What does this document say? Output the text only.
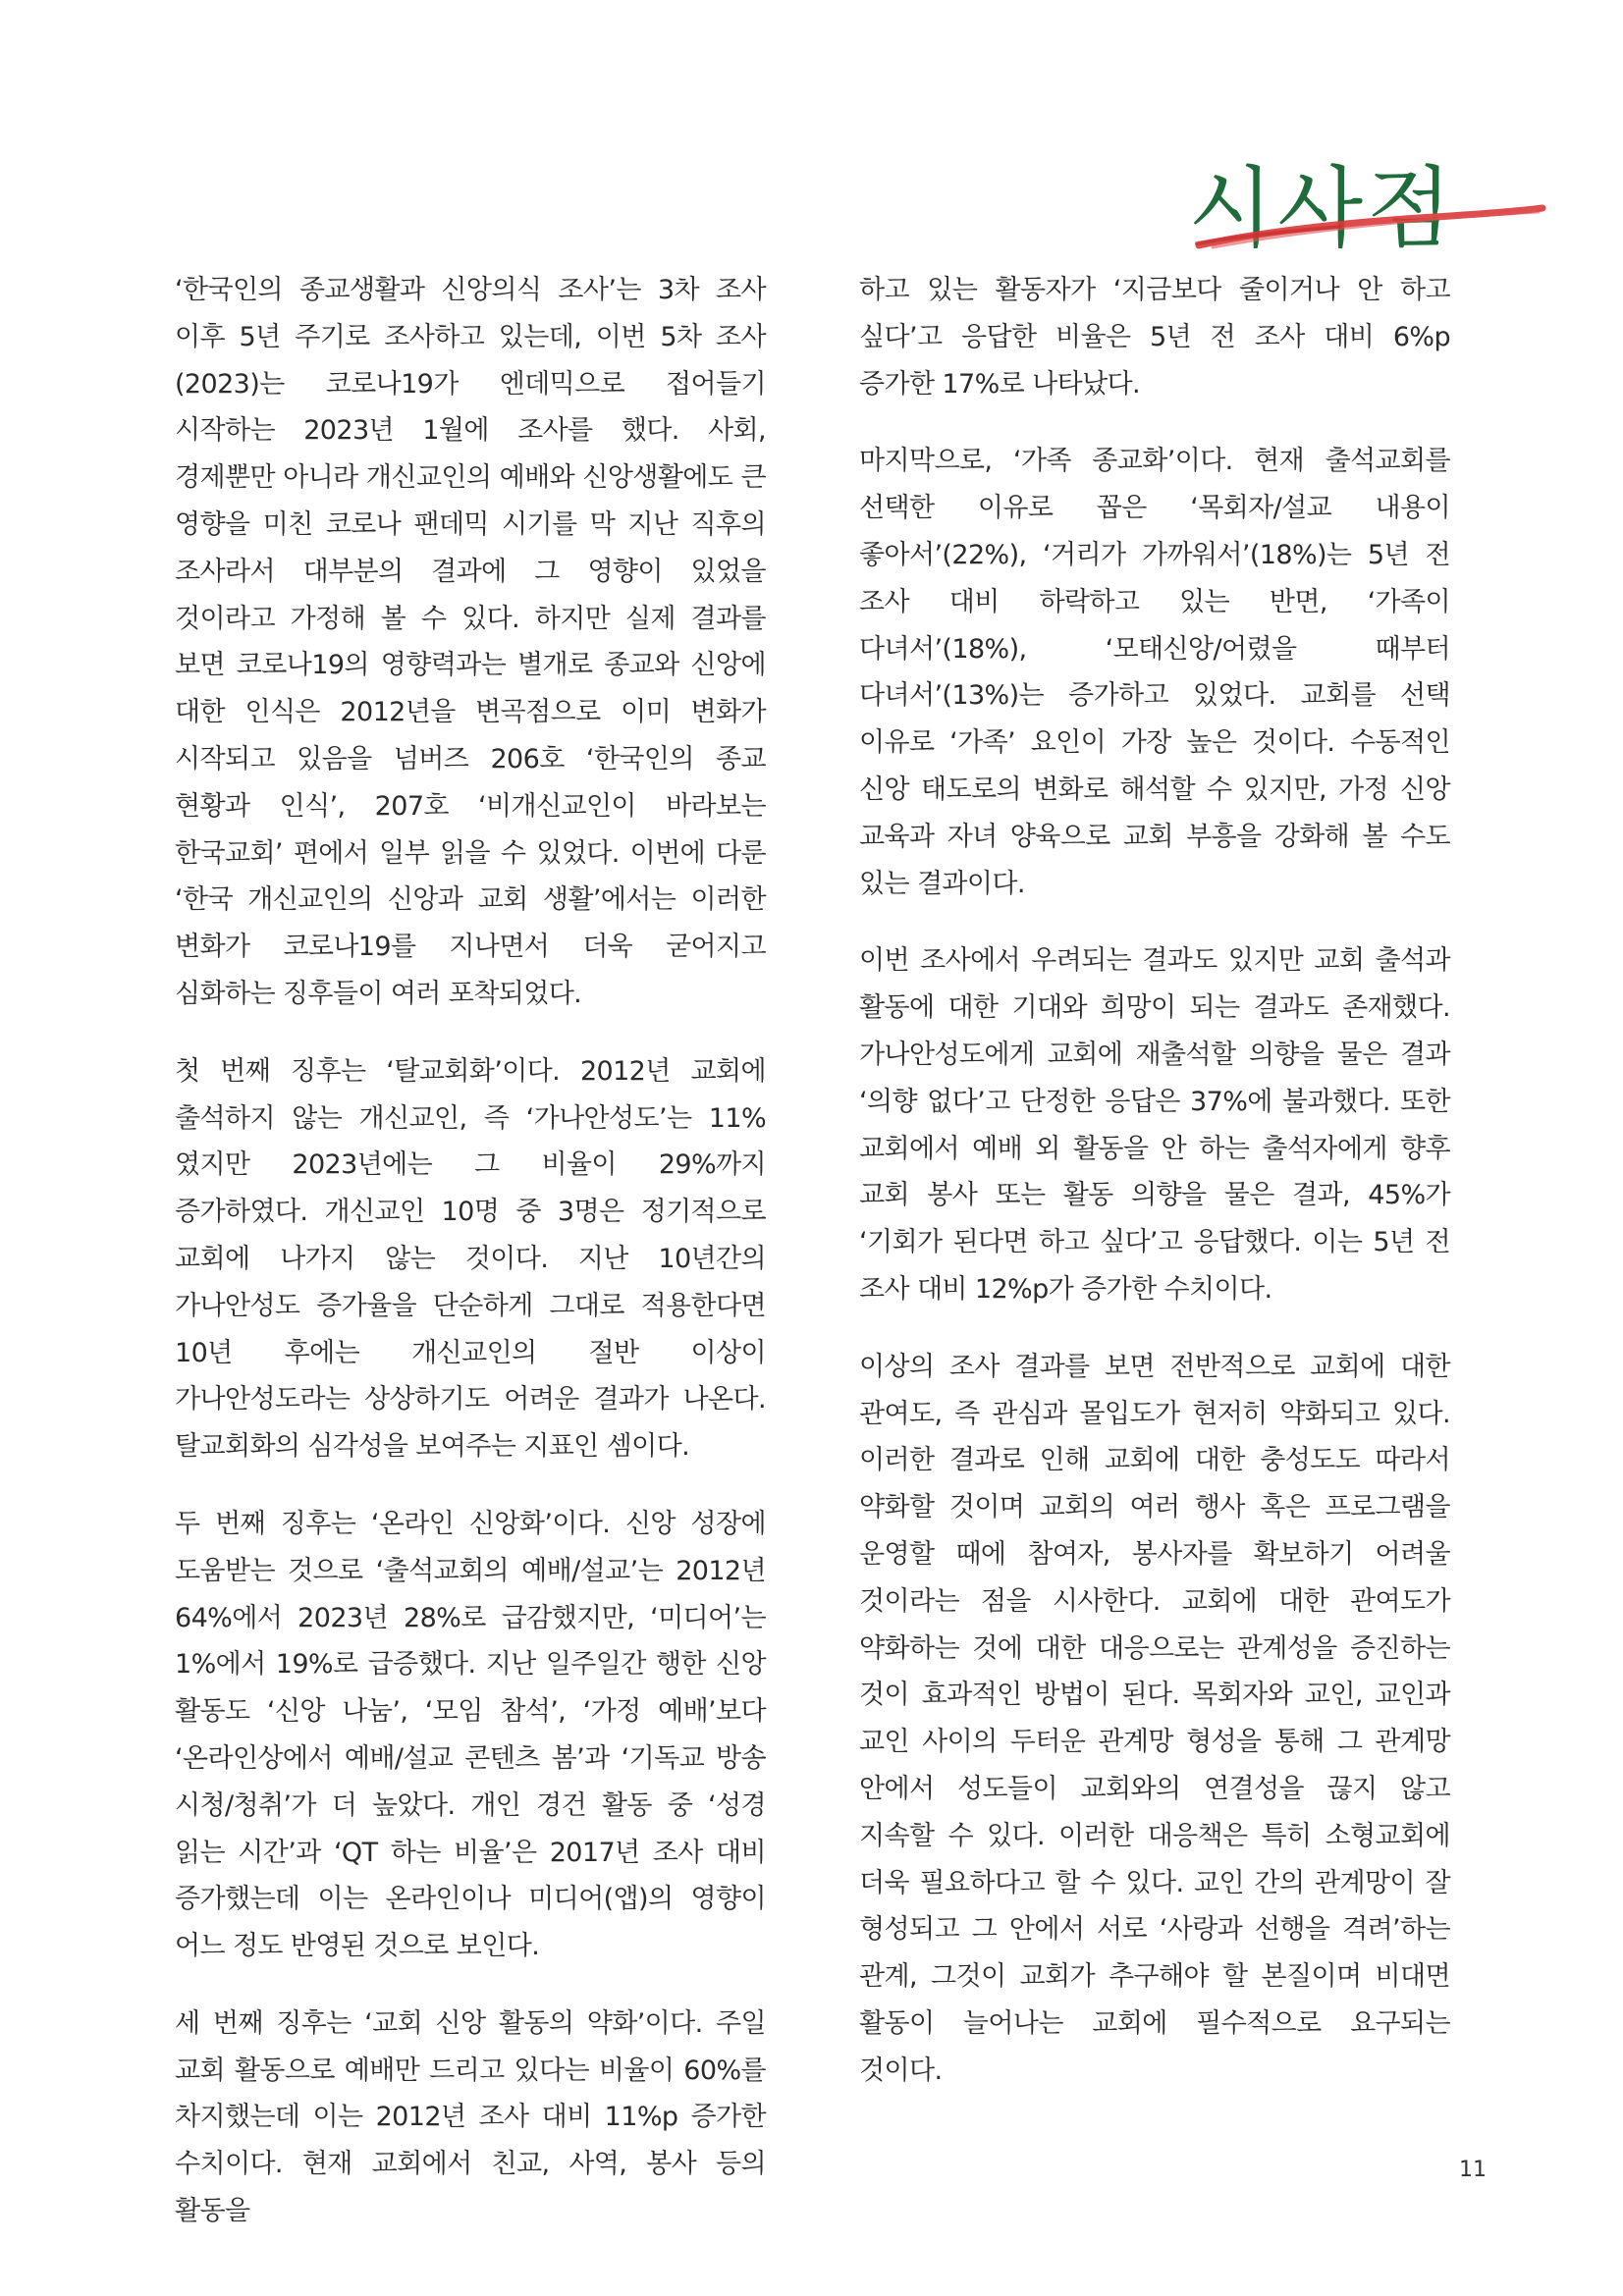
시사점

‘한국인의 종교생활과 신앙의식 조사’는 3차 조사 이후 5년 주기로 조사하고 있는데, 이번 5차 조사(2023)는 코로나19가 엔데믹으로 접어들기 시작하는 2023년 1월에 조사를 했다. 사회, 경제뿐만 아니라 개신교인의 예배와 신앙생활에도 큰 영향을 미친 코로나 팬데믹 시기를 막 지난 직후의 조사라서 대부분의 결과에 그 영향이 있었을 것이라고 가정해 볼 수 있다. 하지만 실제 결과를 보면 코로나19의 영향력과는 별개로 종교와 신앙에 대한 인식은 2012년을 변곡점으로 이미 변화가 시작되고 있음을 넘버즈 206호 ‘한국인의 종교 현황과 인식’, 207호 ‘비개신교인이 바라보는 한국교회’ 편에서 일부 읽을 수 있었다. 이번에 다룬 ‘한국 개신교인의 신앙과 교회 생활’에서는 이러한 변화가 코로나19를 지나면서 더욱 굳어지고 심화하는 징후들이 여러 포착되었다.

첫 번째 징후는 ‘탈교회화’이다. 2012년 교회에 출석하지 않는 개신교인, 즉 ‘가나안성도’는 11%였지만 2023년에는 그 비율이 29%까지 증가하였다. 개신교인 10명 중 3명은 정기적으로 교회에 나가지 않는 것이다. 지난 10년간의 가나안성도 증가율을 단순하게 그대로 적용한다면 10년 후에는 개신교인의 절반 이상이 가나안성도라는 상상하기도 어려운 결과가 나온다. 탈교회화의 심각성을 보여주는 지표인 셈이다.

두 번째 징후는 ‘온라인 신앙화’이다. 신앙 성장에 도움받는 것으로 ‘출석교회의 예배/설교’는 2012년 64%에서 2023년 28%로 급감했지만, ‘미디어’는 1%에서 19%로 급증했다. 지난 일주일간 행한 신앙 활동도 ‘신앙 나눔’, ‘모임 참석’, ‘가정 예배’보다 ‘온라인상에서 예배/설교 콘텐츠 봄’과 ‘기독교 방송 시청/청취’가 더 높았다. 개인 경건 활동 중 ‘성경 읽는 시간’과 ‘QT 하는 비율’은 2017년 조사 대비 증가했는데 이는 온라인이나 미디어(앱)의 영향이 어느 정도 반영된 것으로 보인다.

세 번째 징후는 ‘교회 신앙 활동의 약화’이다. 주일 교회 활동으로 예배만 드리고 있다는 비율이 60%를 차지했는데 이는 2012년 조사 대비 11%p 증가한 수치이다. 현재 교회에서 친교, 사역, 봉사 등의 활동을

하고 있는 활동자가 ‘지금보다 줄이거나 안 하고 싶다’고 응답한 비율은 5년 전 조사 대비 6%p 증가한 17%로 나타났다.

마지막으로, ‘가족 종교화’이다. 현재 출석교회를 선택한 이유로 꼽은 ‘목회자/설교 내용이 좋아서’(22%), ‘거리가 가까워서’(18%)는 5년 전 조사 대비 하락하고 있는 반면, ‘가족이 다녀서’(18%), ‘모태신앙/어렸을 때부터 다녀서’(13%)는 증가하고 있었다. 교회를 선택 이유로 ‘가족’ 요인이 가장 높은 것이다. 수동적인 신앙 태도로의 변화로 해석할 수 있지만, 가정 신앙 교육과 자녀 양육으로 교회 부흥을 강화해 볼 수도 있는 결과이다.

이번 조사에서 우려되는 결과도 있지만 교회 출석과 활동에 대한 기대와 희망이 되는 결과도 존재했다. 가나안성도에게 교회에 재출석할 의향을 물은 결과 ‘의향 없다’고 단정한 응답은 37%에 불과했다. 또한 교회에서 예배 외 활동을 안 하는 출석자에게 향후 교회 봉사 또는 활동 의향을 물은 결과, 45%가 ‘기회가 된다면 하고 싶다’고 응답했다. 이는 5년 전 조사 대비 12%p가 증가한 수치이다.

이상의 조사 결과를 보면 전반적으로 교회에 대한 관여도, 즉 관심과 몰입도가 현저히 약화되고 있다. 이러한 결과로 인해 교회에 대한 충성도도 따라서 약화할 것이며 교회의 여러 행사 혹은 프로그램을 운영할 때에 참여자, 봉사자를 확보하기 어려울 것이라는 점을 시사한다. 교회에 대한 관여도가 약화하는 것에 대한 대응으로는 관계성을 증진하는 것이 효과적인 방법이 된다. 목회자와 교인, 교인과 교인 사이의 두터운 관계망 형성을 통해 그 관계망 안에서 성도들이 교회와의 연결성을 끊지 않고 지속할 수 있다. 이러한 대응책은 특히 소형교회에 더욱 필요하다고 할 수 있다. 교인 간의 관계망이 잘 형성되고 그 안에서 서로 ‘사랑과 선행을 격려’하는 관계, 그것이 교회가 추구해야 할 본질이며 비대면 활동이 늘어나는 교회에 필수적으로 요구되는 것이다.

11
